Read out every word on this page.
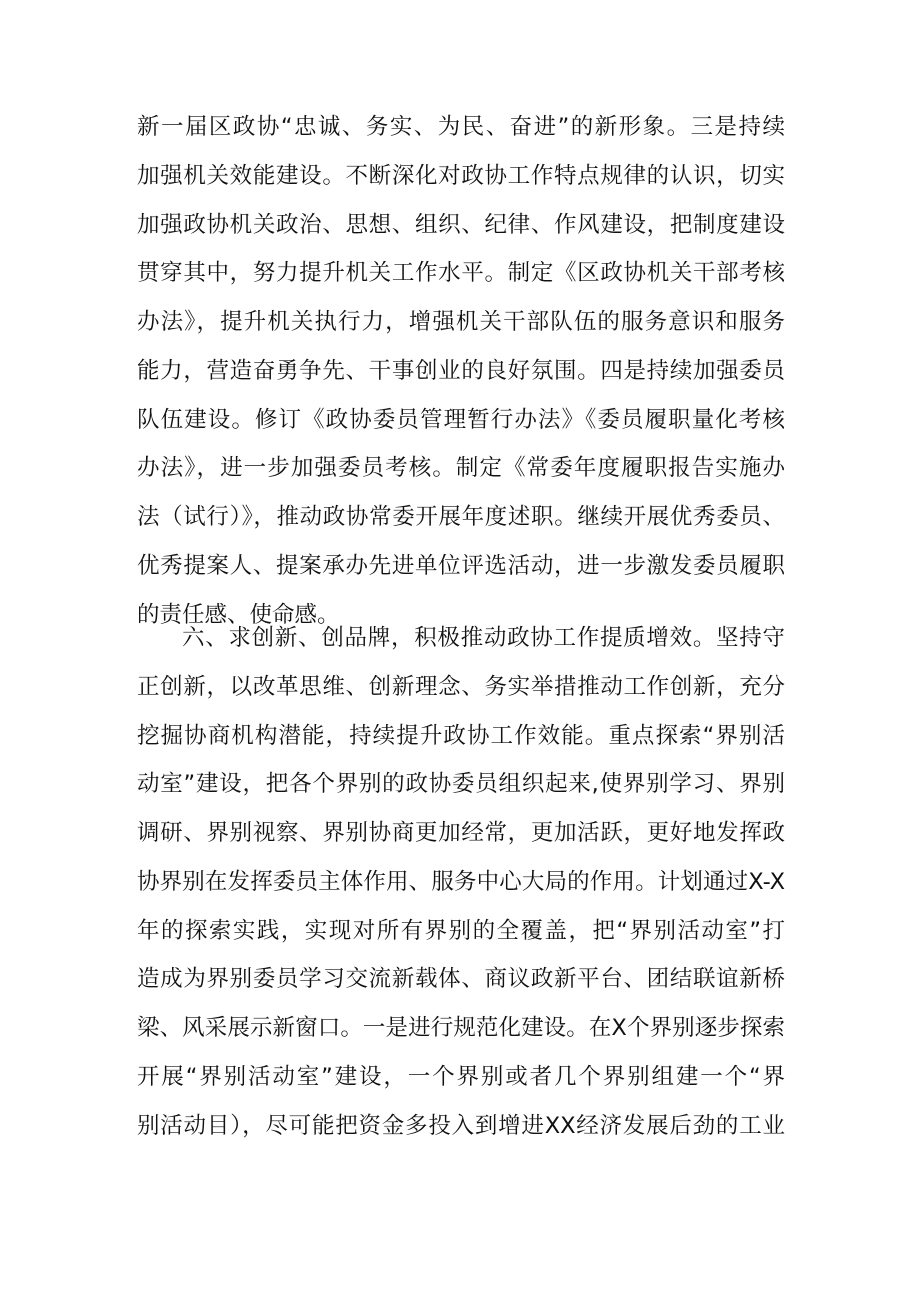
新一届区政协“忠诚、务实、为民、奋进”的新形象。三是持续
加强机关效能建设。不断深化对政协工作特点规律的认识，切实
加强政协机关政治、思想、组织、纪律、作风建设，把制度建设
贯穿其中，努力提升机关工作水平。制定《区政协机关干部考核
办法》，提升机关执行力，增强机关干部队伍的服务意识和服务
能力，营造奋勇争先、干事创业的良好氛围。四是持续加强委员
队伍建设。修订《政协委员管理暂行办法》《委员履职量化考核
办法》，进一步加强委员考核。制定《常委年度履职报告实施办
法（试行）》，推动政协常委开展年度述职。继续开展优秀委员、
优秀提案人、提案承办先进单位评选活动，进一步激发委员履职
的责任感、使命感。
六、求创新、创品牌，积极推动政协工作提质增效。坚持守
正创新，以改革思维、创新理念、务实举措推动工作创新，充分
挖掘协商机构潜能，持续提升政协工作效能。重点探索“界别活
动室”建设，把各个界别的政协委员组织起来,使界别学习、界别
调研、界别视察、界别协商更加经常，更加活跃，更好地发挥政
协界别在发挥委员主体作用、服务中心大局的作用。计划通过X-X
年的探索实践，实现对所有界别的全覆盖，把“界别活动室”打
造成为界别委员学习交流新载体、商议政新平台、团结联谊新桥
梁、风采展示新窗口。一是进行规范化建设。在X个界别逐步探索
开展“界别活动室”建设，一个界别或者几个界别组建一个“界
别活动目），尽可能把资金多投入到增进XX经济发展后劲的工业
